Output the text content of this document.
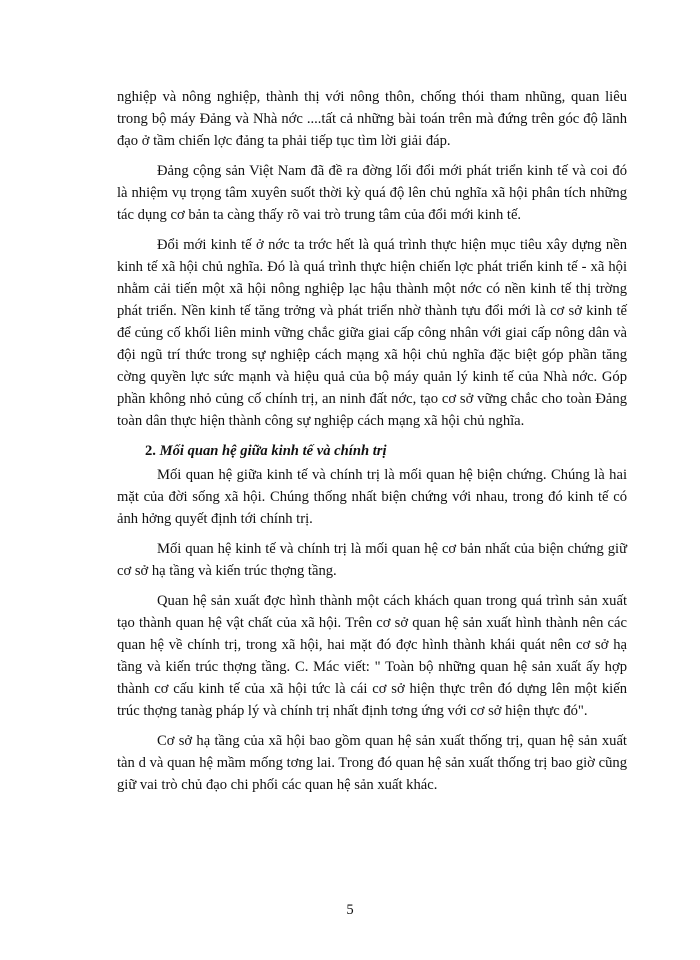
nghiệp và nông nghiệp, thành thị với nông thôn, chống thói tham nhũng, quan liêu trong bộ máy Đảng và Nhà nớc ....tất cả những bài toán trên mà đứng trên góc độ lãnh đạo ở tầm chiến lợc đảng ta phải tiếp tục tìm lời giải đáp.

Đảng cộng sản Việt Nam đã đề ra đờng lối đổi mới phát triển kinh tế và coi đó là nhiệm vụ trọng tâm xuyên suốt thời kỳ quá độ lên chủ nghĩa xã hội phân tích những tác dụng cơ bản ta càng thấy rõ vai trò trung tâm của đổi mới kinh tế.

Đổi mới kinh tế ở nớc ta trớc hết là quá trình thực hiện mục tiêu xây dựng nền kinh tế xã hội chủ nghĩa. Đó là quá trình thực hiện chiến lợc phát triển kinh tế - xã hội nhằm cải tiến một xã hội nông nghiệp lạc hậu thành một nớc có nền kinh tế thị trờng phát triển. Nền kinh tế tăng trởng và phát triển nhờ thành tựu đổi mới là cơ sở kinh tế để củng cố khối liên minh vững chắc giữa giai cấp công nhân với giai cấp nông dân và đội ngũ trí thức trong sự nghiệp cách mạng xã hội chủ nghĩa đặc biệt góp phần tăng cờng quyền lực sức mạnh và hiệu quả của bộ máy quản lý kinh tế của Nhà nớc. Góp phần không nhỏ củng cố chính trị, an ninh đất nớc, tạo cơ sở vững chắc cho toàn Đảng toàn dân thực hiện thành công sự nghiệp cách mạng xã hội chủ nghĩa.

2. Mối quan hệ giữa kinh tế và chính trị

Mối quan hệ giữa kinh tế và chính trị là mối quan hệ biện chứng. Chúng là hai mặt của đời sống xã hội. Chúng thống nhất biện chứng với nhau, trong đó kinh tế có ảnh hởng quyết định tới chính trị.

Mối quan hệ kinh tế và chính trị là mối quan hệ cơ bản nhất của biện chứng giữ cơ sở hạ tầng và kiến trúc thợng tầng.

Quan hệ sản xuất đợc hình thành một cách khách quan trong quá trình sản xuất tạo thành quan hệ vật chất của xã hội. Trên cơ sở quan hệ sản xuất hình thành nên các quan hệ về chính trị, trong xã hội, hai mặt đó đợc hình thành khái quát nên cơ sở hạ tầng và kiến trúc thợng tầng. C. Mác viết: " Toàn bộ những quan hệ sản xuất ấy hợp thành cơ cấu kinh tế của xã hội tức là cái cơ sở hiện thực trên đó dựng lên một kiến trúc thợng tanàg pháp lý và chính trị nhất định tơng ứng với cơ sở hiện thực đó".

Cơ sở hạ tầng của xã hội bao gồm quan hệ sản xuất thống trị, quan hệ sản xuất tàn d và quan hệ mầm mống tơng lai. Trong đó quan hệ sản xuất thống trị bao giờ cũng giữ vai trò chủ đạo chi phối các quan hệ sản xuất khác.

5
